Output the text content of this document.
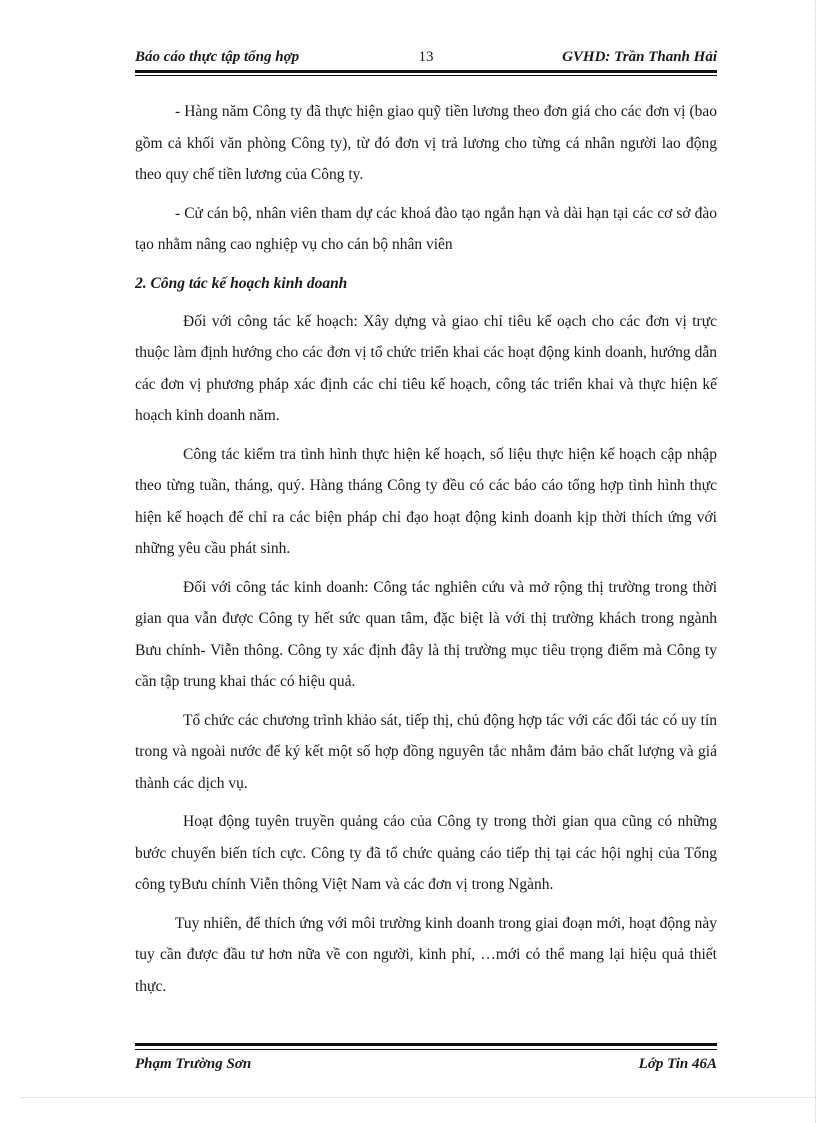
Báo cáo thực tập tổng hợp	13	GVHD: Trần Thanh Hải

- Hàng năm Công ty đã thực hiện giao quỹ tiền lương theo đơn giá cho các đơn vị (bao gồm cả khối văn phòng Công ty), từ đó đơn vị trả lương cho từng cá nhân người lao động theo quy chế tiền lương của Công ty.

- Cử cán bộ, nhân viên tham dự các khoá đào tạo ngắn hạn và dài hạn tại các cơ sở đào tạo nhằm nâng cao nghiệp vụ cho cán bộ nhân viên

2. Công tác kế hoạch kinh doanh

Đối với công tác kế hoạch: Xây dựng và giao chỉ tiêu kế oạch cho các đơn vị trực thuộc làm định hướng cho các đơn vị tổ chức triển khai các hoạt động kinh doanh, hướng dẫn các đơn vị phương pháp xác định các chỉ tiêu kế hoạch, công tác triển khai và thực hiện kế hoạch kinh doanh năm.

Công tác kiểm tra tình hình thực hiện kế hoạch, số liệu thực hiện kế hoạch cập nhập theo từng tuần, tháng, quý. Hàng tháng Công ty đều có các báo cáo tổng hợp tình hình thực hiện kế hoạch để chỉ ra các biện pháp chỉ đạo hoạt động kinh doanh kịp thời thích ứng với những yêu cầu phát sinh.

Đối với công tác kinh doanh: Công tác nghiên cứu và mở rộng thị trường trong thời gian qua vẫn được Công ty hết sức quan tâm, đặc biệt là với thị trường khách trong ngành Bưu chính- Viễn thông. Công ty xác định đây là thị trường mục tiêu trọng điểm mà Công ty cần tập trung khai thác có hiệu quả.

Tổ chức các chương trình khảo sát, tiếp thị, chủ động hợp tác với các đối tác có uy tín trong và ngoài nước để ký kết một số hợp đồng nguyên tắc nhằm đảm bảo chất lượng và giá thành các dịch vụ.

Hoạt động tuyên truyền quảng cáo của Công ty trong thời gian qua cũng có những bước chuyển biến tích cực. Công ty đã tổ chức quảng cáo tiếp thị tại các hội nghị của Tổng công tyBưu chính Viễn thông Việt Nam và các đơn vị trong Ngành.

Tuy nhiên, để thích ứng với môi trường kinh doanh trong giai đoạn mới, hoạt động này tuy cần được đầu tư hơn nữa về con người, kinh phí, …mới có thể mang lại hiệu quả thiết thực.

Phạm Trường Sơn	Lớp Tin 46A
